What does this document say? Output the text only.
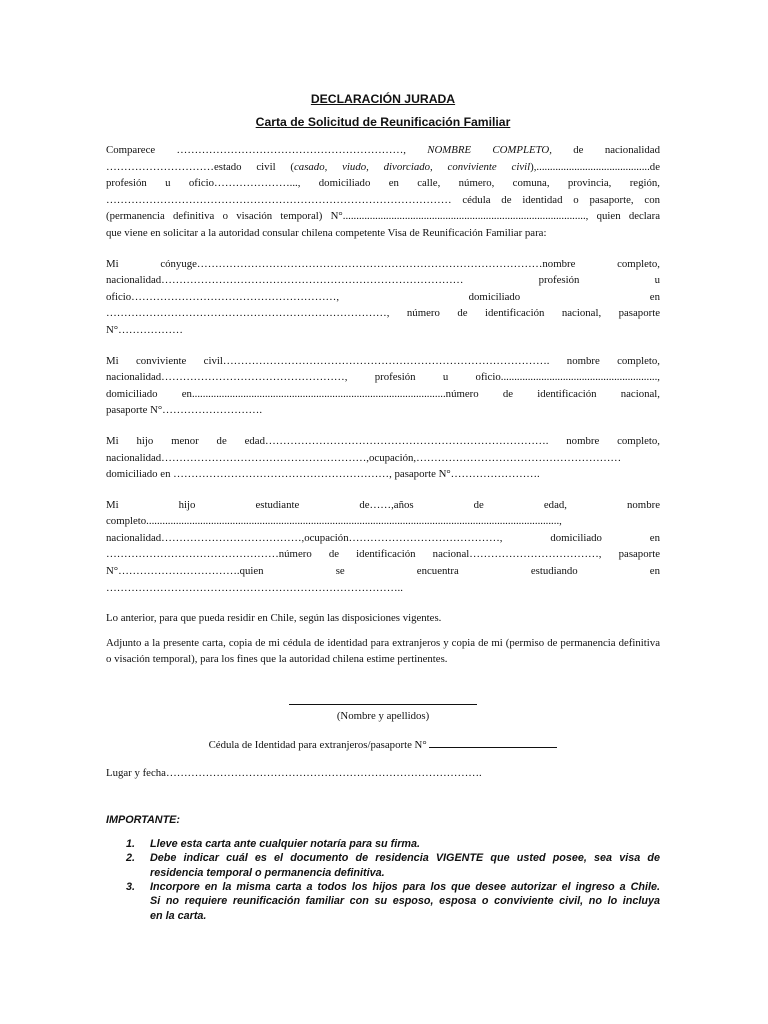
DECLARACIÓN JURADA
Carta de Solicitud de Reunificación Familiar
Comparece ………………………………………………………, NOMBRE COMPLETO, de nacionalidad
…………………………estado civil (casado, viudo, divorciado, conviviente civil),..........................................de
profesión u oficio…………………..., domiciliado en calle, número, comuna, provincia, región,
…………………………………………………………………………………… cédula de identidad o pasaporte, con
(permanencia definitiva o visación temporal) N°.........................................................................................., quien declara
que viene en solicitar a la autoridad consular chilena competente Visa de Reunificación Familiar para:
Mi cónyuge……………………………………………………………………………………nombre completo,
nacionalidad………………………………………………………………………… profesión u
oficio…………………………………………………, domiciliado en
……………………………………………………………………, número de identificación nacional, pasaporte
N°………………
Mi conviviente civil………………………………………………………………………………. nombre completo,
nacionalidad……………………………………………, profesión u oficio..........................................................,
domiciliado en..............................................................................................número de identificación nacional,
pasaporte N°……………………….
Mi hijo menor de edad……………………………………………………………………. nombre completo,
nacionalidad…………………………………………………,ocupación,…………………………………………………
domiciliado en ……………………………………………………, pasaporte N°…………………….
Mi hijo estudiante de……,años de edad, nombre
completo.........................................................................................................................................................,
nacionalidad…………………………………,ocupación……………………………………, domiciliado en
…………………………………………número de identificación nacional………………………………, pasaporte
N°…………………………….quien se encuentra estudiando en
………………………………………………………………………..

Lo anterior, para que pueda residir en Chile, según las disposiciones vigentes.

Adjunto a la presente carta, copia de mi cédula de identidad para extranjeros y copia de mi (permiso de permanencia definitiva o visación temporal), para los fines que la autoridad chilena estime pertinentes.

(Nombre y apellidos)
Cédula de Identidad para extranjeros/pasaporte N°
Lugar y fecha…………………………………………………………………………….

IMPORTANTE:

1.	Lleve esta carta ante cualquier notaría para su firma.
2.	Debe indicar cuál es el documento de residencia VIGENTE que usted posee, sea visa de
residencia temporal o permanencia definitiva.
3.	Incorpore en la misma carta a todos los hijos para los que desee autorizar el ingreso a Chile.
Si no requiere reunificación familiar con su esposo, esposa o conviviente civil, no lo incluya
en la carta.
